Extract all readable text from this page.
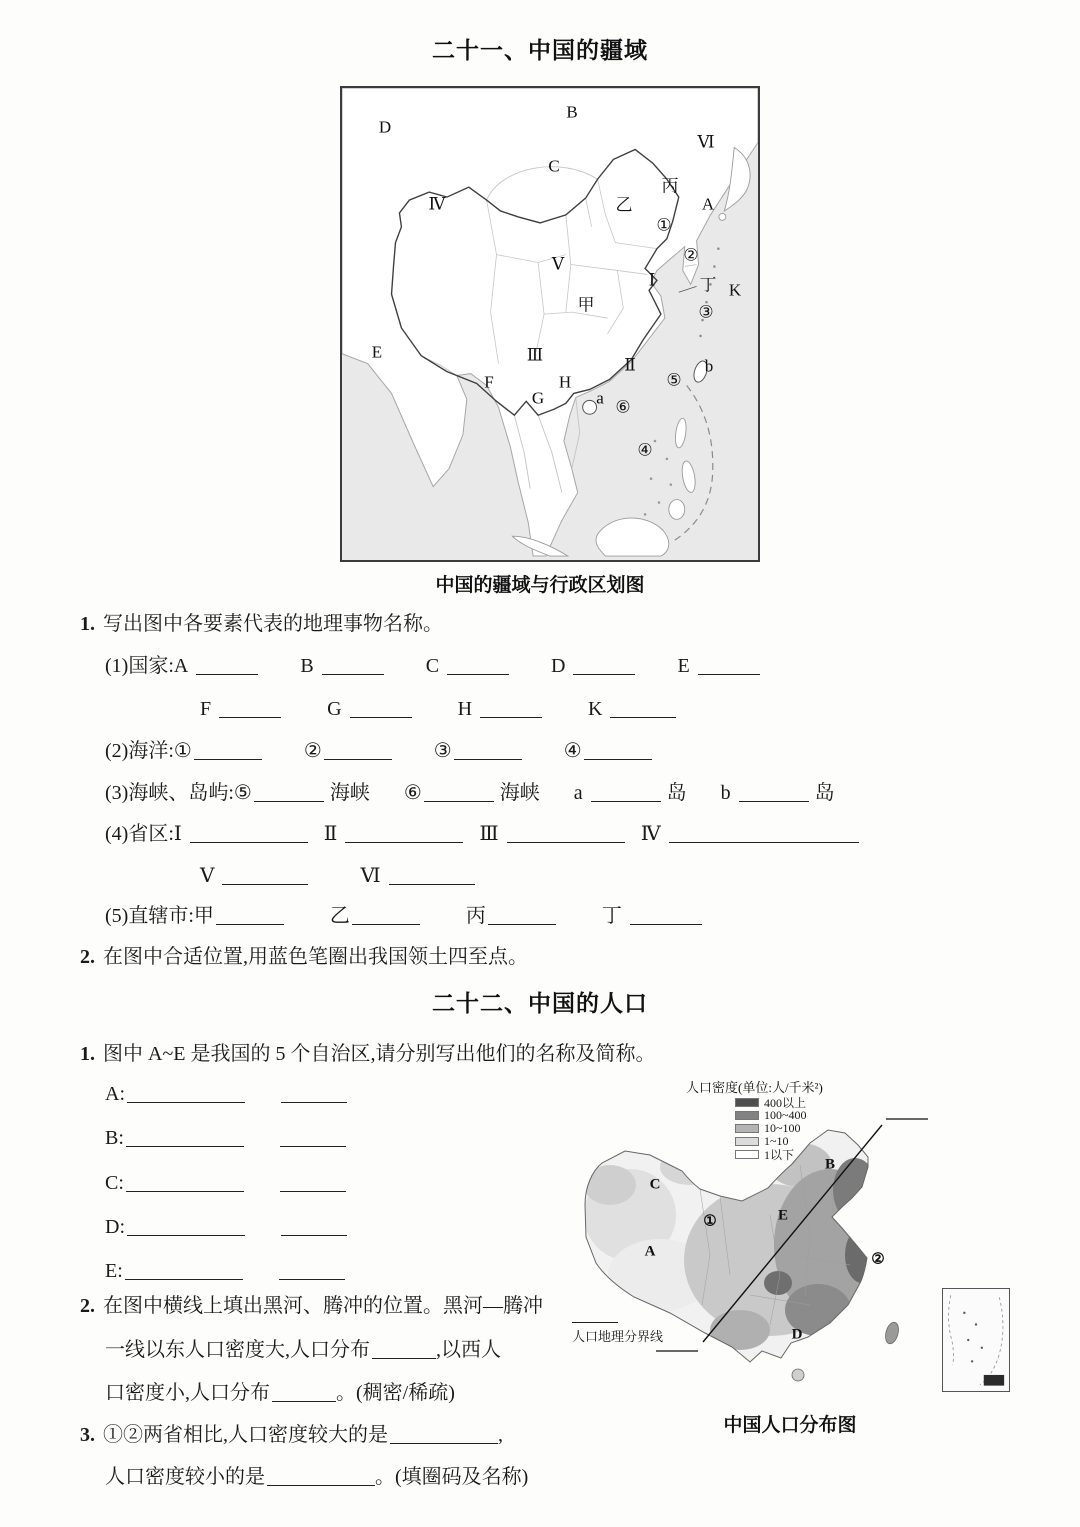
二十一、中国的疆域
D
B
Ⅵ
C
丙
乙	A
①
Ⅳ
②
Ⅴ
Ⅰ	丁 K
甲	③
E	Ⅲ
Ⅱ	b
⑤
F	H
G	a ⑥
④
中国的疆域与行政区划图
1. 写出图中各要素代表的地理事物名称。
(1)国家:A	B	C	D	E
F	G	H	K
(2)海洋:①	②	③	④
(3)海峡、岛屿:⑤	海峡 ⑥	海峡 a	岛 b	岛
(4)省区:Ⅰ	Ⅱ	Ⅲ	Ⅳ
Ⅴ	Ⅵ
(5)直辖市:甲	乙	丙	丁
2. 在图中合适位置,用蓝色笔圈出我国领土四至点。
二十二、中国的人口
1. 图中 A~E 是我国的 5 个自治区,请分别写出他们的名称及简称。
A:
B:
C:
D:
E:
2. 在图中横线上填出黑河、腾冲的位置。黑河—腾冲
一线以东人口密度大,人口分布	,以西人
口密度小,人口分布	。(稠密/稀疏)
3. ①②两省相比,人口密度较大的是	,
人口密度较小的是	。(填圈码及名称)
人口密度(单位:人/千米²)
400以上
100~400
10~100
1~10
1以下
C
B
①	E
A	②
D
人口地理分界线
中国人口分布图
